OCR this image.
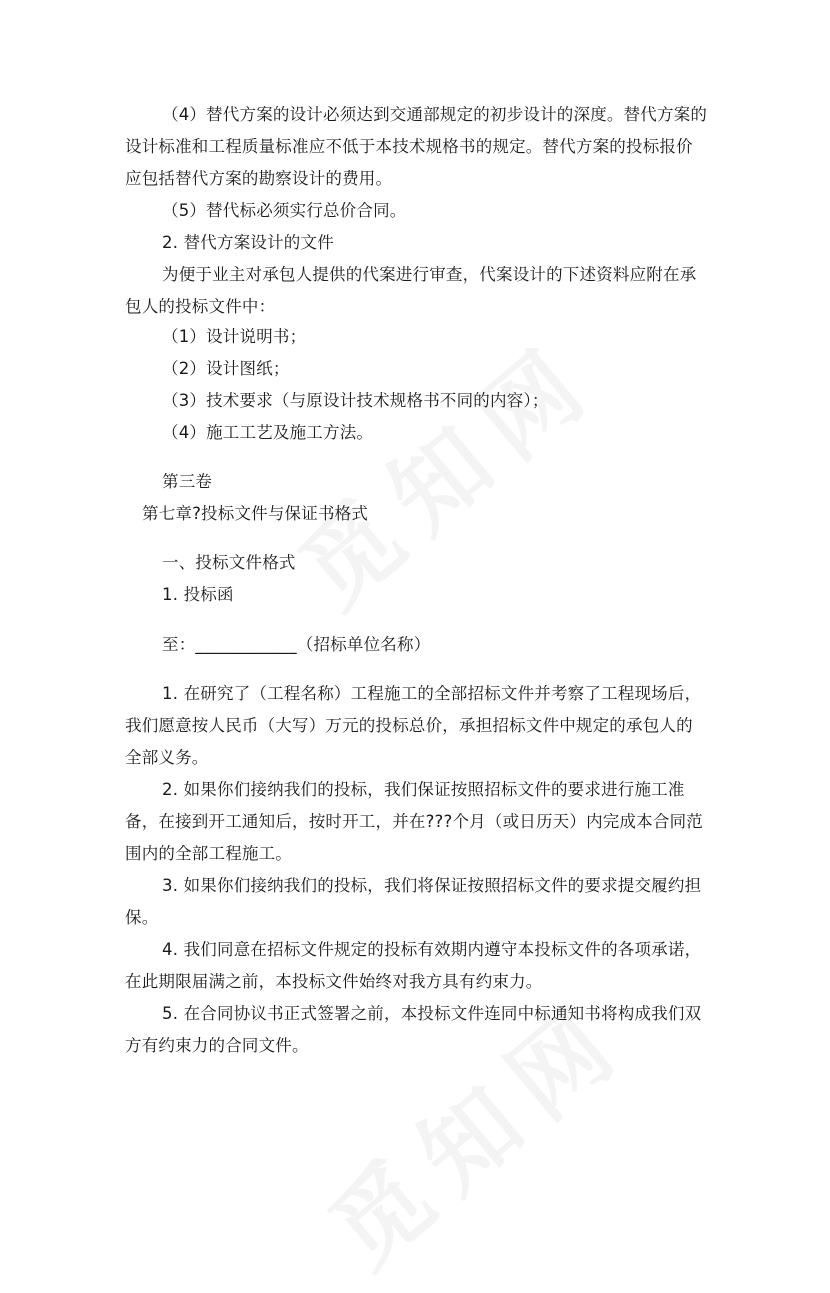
（4）替代方案的设计必须达到交通部规定的初步设计的深度。替代方案的
设计标准和工程质量标准应不低于本技术规格书的规定。替代方案的投标报价
应包括替代方案的勘察设计的费用。
（5）替代标必须实行总价合同。
2. 替代方案设计的文件
为便于业主对承包人提供的代案进行审查，代案设计的下述资料应附在承
包人的投标文件中：
（1）设计说明书；
（2）设计图纸；
（3）技术要求（与原设计技术规格书不同的内容）；
（4）施工工艺及施工方法。
第三卷
第七章?投标文件与保证书格式
一、投标文件格式
1. 投标函
至：____________（招标单位名称）
1. 在研究了（工程名称）工程施工的全部招标文件并考察了工程现场后，
我们愿意按人民币（大写）万元的投标总价，承担招标文件中规定的承包人的
全部义务。
2. 如果你们接纳我们的投标，我们保证按照招标文件的要求进行施工准
备，在接到开工通知后，按时开工，并在???个月（或日历天）内完成本合同范
围内的全部工程施工。
3. 如果你们接纳我们的投标，我们将保证按照招标文件的要求提交履约担
保。
4. 我们同意在招标文件规定的投标有效期内遵守本投标文件的各项承诺，
在此期限届满之前，本投标文件始终对我方具有约束力。
5. 在合同协议书正式签署之前，本投标文件连同中标通知书将构成我们双
方有约束力的合同文件。
